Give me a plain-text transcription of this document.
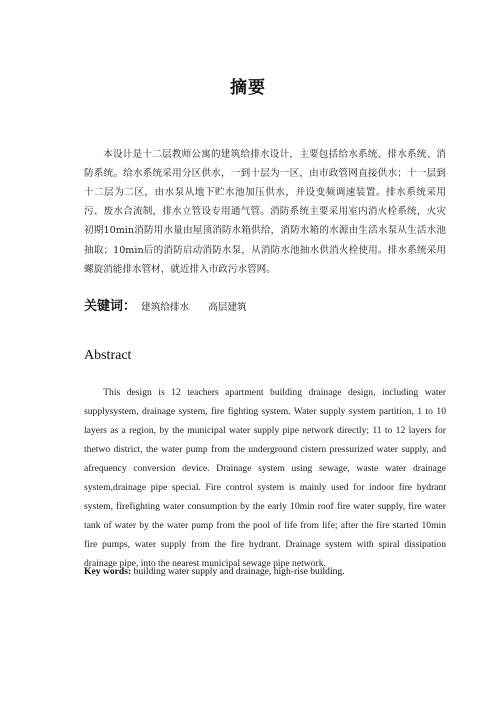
摘要

本设计是十二层教师公寓的建筑给排水设计，主要包括给水系统、排水系统、消防系统。给水系统采用分区供水，一到十层为一区，由市政管网直接供水；十一层到十二层为二区，由水泵从地下贮水池加压供水，并设变频调速装置。排水系统采用污、废水合流制，排水立管设专用通气管。消防系统主要采用室内消火栓系统，火灾初期10min消防用水量由屋顶消防水箱供给，消防水箱的水源由生活水泵从生活水池抽取；10min后的消防启动消防水泵，从消防水池抽水供消火栓使用。排水系统采用螺旋消能排水管材，就近排入市政污水管网。

关键词： 建筑给排水　　高层建筑
Abstract

This design is 12 teachers apartment building drainage design, including water supplysystem, drainage system, fire fighting system. Water supply system partition, 1 to 10 layers as a region, by the municipal water supply pipe network directly; 11 to 12 layers for thetwo district, the water pump from the underground cistern pressurized water supply, and afrequency conversion device. Drainage system using sewage, waste water drainage system,drainage pipe special. Fire control system is mainly used for indoor fire hydrant system, firefighting water consumption by the early 10min roof fire water supply, fire water tank of water by the water pump from the pool of life from life; after the fire started 10min fire pumps, water supply from the fire hydrant. Drainage system with spiral dissipation drainage pipe, into the nearest municipal sewage pipe network.

Key words: building water supply and drainage, high-rise building.
